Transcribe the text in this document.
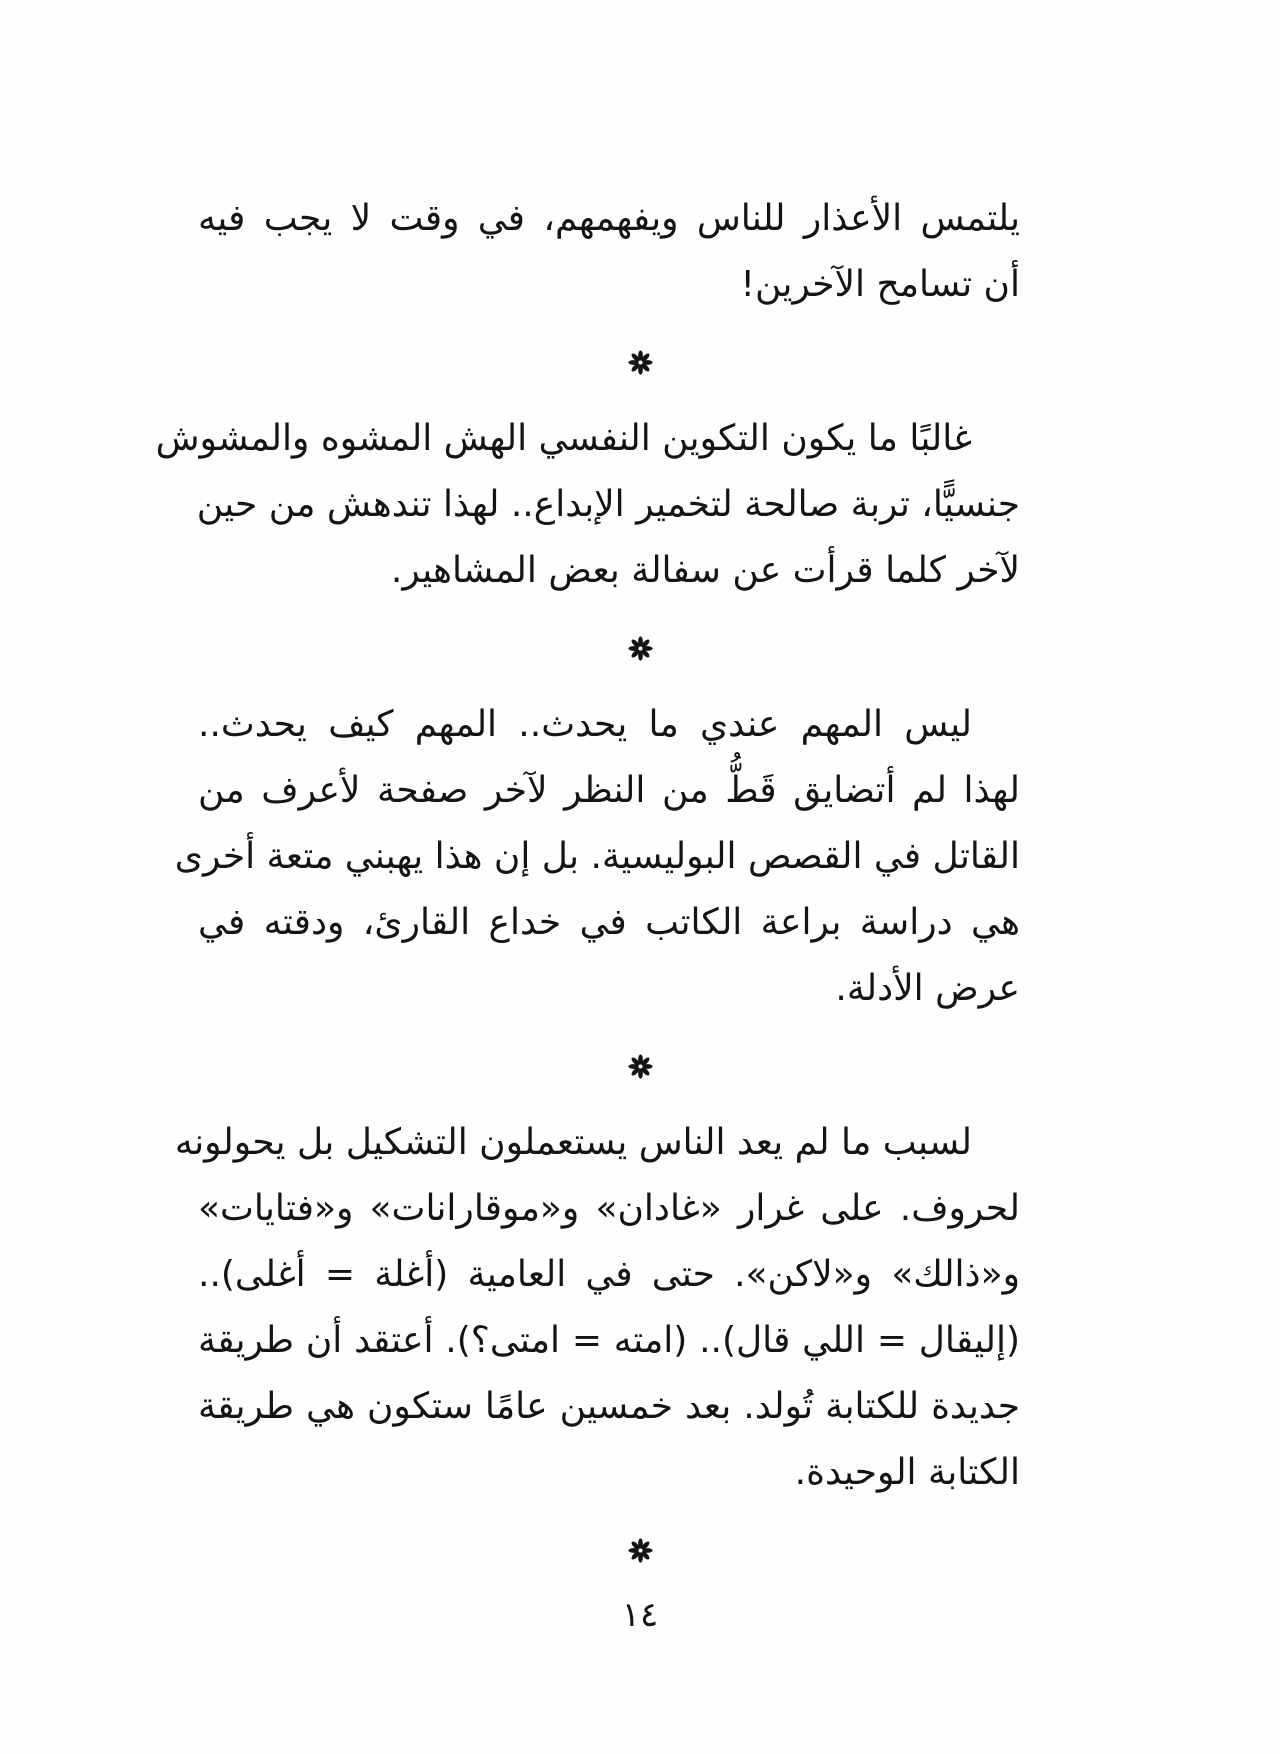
يلتمس الأعذار للناس ويفهمهم، في وقت لا يجب فيه
أن تسامح الآخرين!
غالبًا ما يكون التكوين النفسي الهش المشوه والمشوش
جنسيًّا، تربة صالحة لتخمير الإبداع.. لهذا تندهش من حين
لآخر كلما قرأت عن سفالة بعض المشاهير.
ليس المهم عندي ما يحدث.. المهم كيف يحدث..
لهذا لم أتضايق قَطُّ من النظر لآخر صفحة لأعرف من
القاتل في القصص البوليسية. بل إن هذا يهبني متعة أخرى
هي دراسة براعة الكاتب في خداع القارئ، ودقته في
عرض الأدلة.
لسبب ما لم يعد الناس يستعملون التشكيل بل يحولونه
لحروف. على غرار «غادان» و«موقارانات» و«فتايات»
و«ذالك» و«لاكن». حتى في العامية (أغلة = أغلى)..
(إليقال = اللي قال).. (امته = امتى؟). أعتقد أن طريقة
جديدة للكتابة تُولد. بعد خمسين عامًا ستكون هي طريقة
الكتابة الوحيدة.
١٤
